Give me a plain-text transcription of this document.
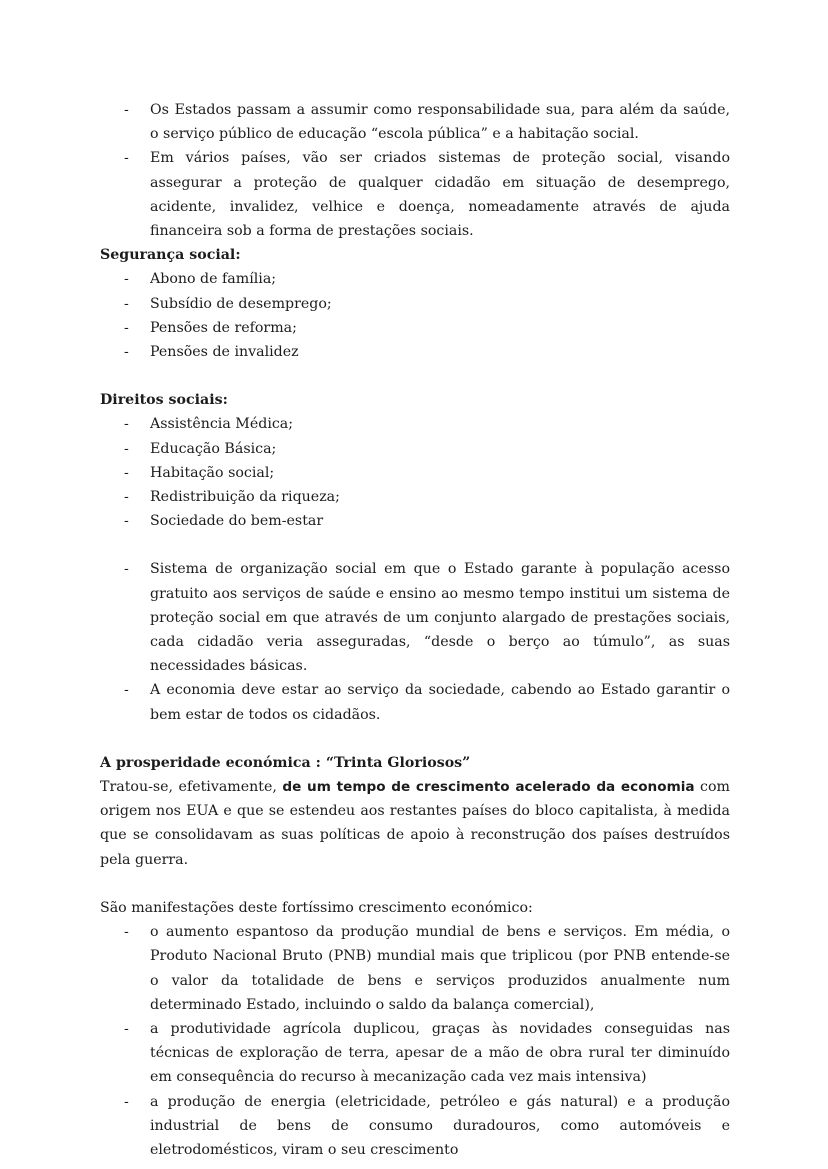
- Os Estados passam a assumir como responsabilidade sua, para além da saúde, o serviço público de educação “escola pública” e a habitação social.
- Em vários países, vão ser criados sistemas de proteção social, visando assegurar a proteção de qualquer cidadão em situação de desemprego, acidente, invalidez, velhice e doença, nomeadamente através de ajuda financeira sob a forma de prestações sociais.
Segurança social:
- Abono de família;
- Subsídio de desemprego;
- Pensões de reforma;
- Pensões de invalidez
Direitos sociais:
- Assistência Médica;
- Educação Básica;
- Habitação social;
- Redistribuição da riqueza;
- Sociedade do bem-estar
- Sistema de organização social em que o Estado garante à população acesso gratuito aos serviços de saúde e ensino ao mesmo tempo institui um sistema de proteção social em que através de um conjunto alargado de prestações sociais, cada cidadão veria asseguradas, “desde o berço ao túmulo”, as suas necessidades básicas.
- A economia deve estar ao serviço da sociedade, cabendo ao Estado garantir o bem estar de todos os cidadãos.
A prosperidade económica : “Trinta Gloriosos”

Tratou-se, efetivamente, de um tempo de crescimento acelerado da economia com origem nos EUA e que se estendeu aos restantes países do bloco capitalista, à medida que se consolidavam as suas políticas de apoio à reconstrução dos países destruídos pela guerra.

São manifestações deste fortíssimo crescimento económico:
- o aumento espantoso da produção mundial de bens e serviços. Em média, o Produto Nacional Bruto (PNB) mundial mais que triplicou (por PNB entende-se o valor da totalidade de bens e serviços produzidos anualmente num determinado Estado, incluindo o saldo da balança comercial),
- a produtividade agrícola duplicou, graças às novidades conseguidas nas técnicas de exploração de terra, apesar de a mão de obra rural ter diminuído em consequência do recurso à mecanização cada vez mais intensiva)
- a produção de energia (eletricidade, petróleo e gás natural) e a produção industrial de bens de consumo duradouros, como automóveis e eletrodomésticos, viram o seu crescimento
